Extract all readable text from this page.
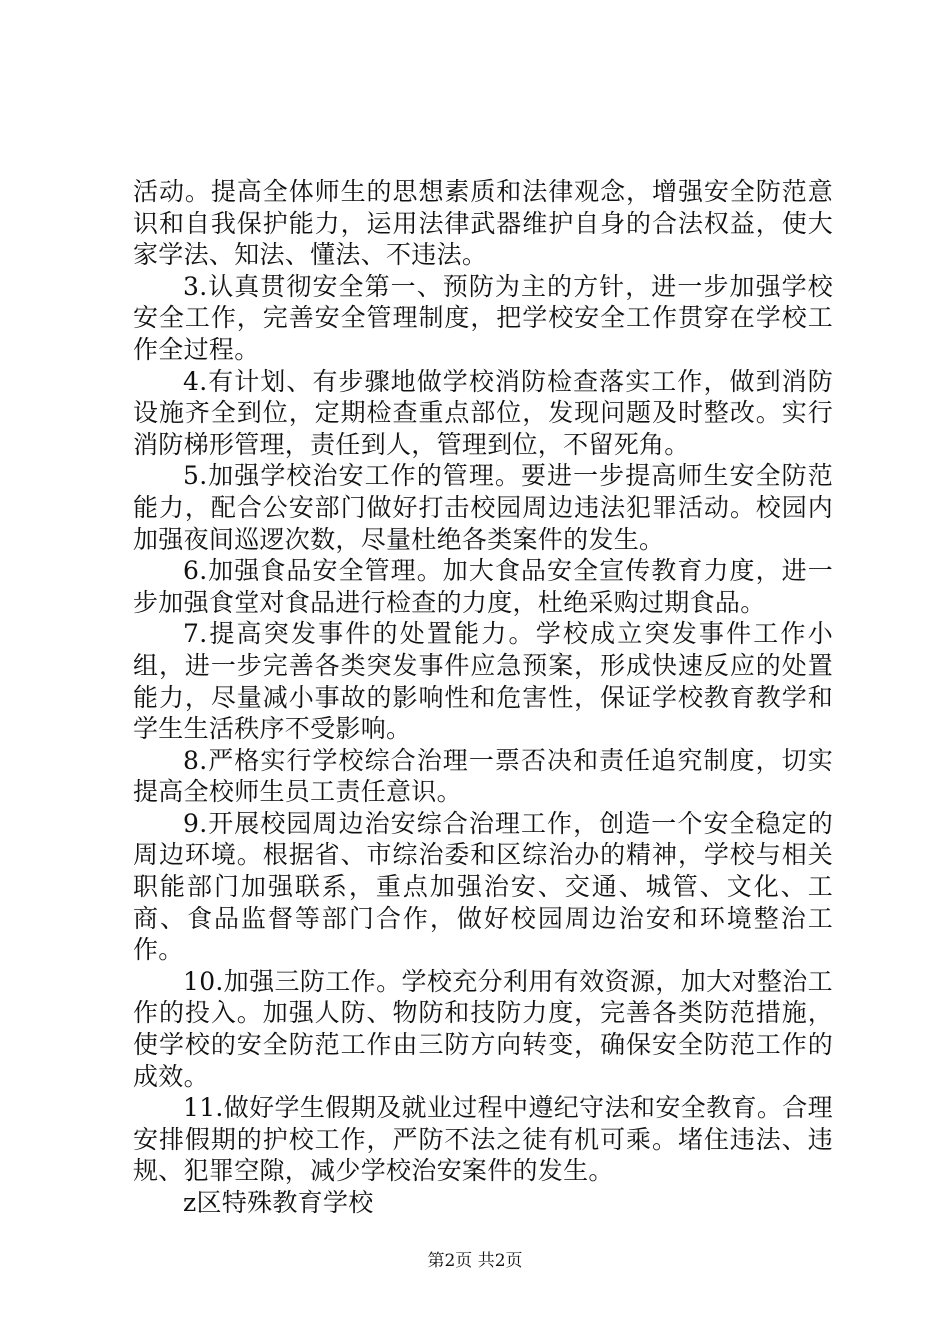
活动。提高全体师生的思想素质和法律观念，增强安全防范意识和自我保护能力，运用法律武器维护自身的合法权益，使大家学法、知法、懂法、不违法。

3.认真贯彻安全第一、预防为主的方针，进一步加强学校安全工作，完善安全管理制度，把学校安全工作贯穿在学校工作全过程。

4.有计划、有步骤地做学校消防检查落实工作，做到消防设施齐全到位，定期检查重点部位，发现问题及时整改。实行消防梯形管理，责任到人，管理到位，不留死角。

5.加强学校治安工作的管理。要进一步提高师生安全防范能力，配合公安部门做好打击校园周边违法犯罪活动。校园内加强夜间巡逻次数，尽量杜绝各类案件的发生。

6.加强食品安全管理。加大食品安全宣传教育力度，进一步加强食堂对食品进行检查的力度，杜绝采购过期食品。

7.提高突发事件的处置能力。学校成立突发事件工作小组，进一步完善各类突发事件应急预案，形成快速反应的处置能力，尽量减小事故的影响性和危害性，保证学校教育教学和学生生活秩序不受影响。

8.严格实行学校综合治理一票否决和责任追究制度，切实提高全校师生员工责任意识。

9.开展校园周边治安综合治理工作，创造一个安全稳定的周边环境。根据省、市综治委和区综治办的精神，学校与相关职能部门加强联系，重点加强治安、交通、城管、文化、工商、食品监督等部门合作，做好校园周边治安和环境整治工作。

10.加强三防工作。学校充分利用有效资源，加大对整治工作的投入。加强人防、物防和技防力度，完善各类防范措施，使学校的安全防范工作由三防方向转变，确保安全防范工作的成效。

11.做好学生假期及就业过程中遵纪守法和安全教育。合理安排假期的护校工作，严防不法之徒有机可乘。堵住违法、违规、犯罪空隙，减少学校治安案件的发生。

z区特殊教育学校

第2页 共2页
